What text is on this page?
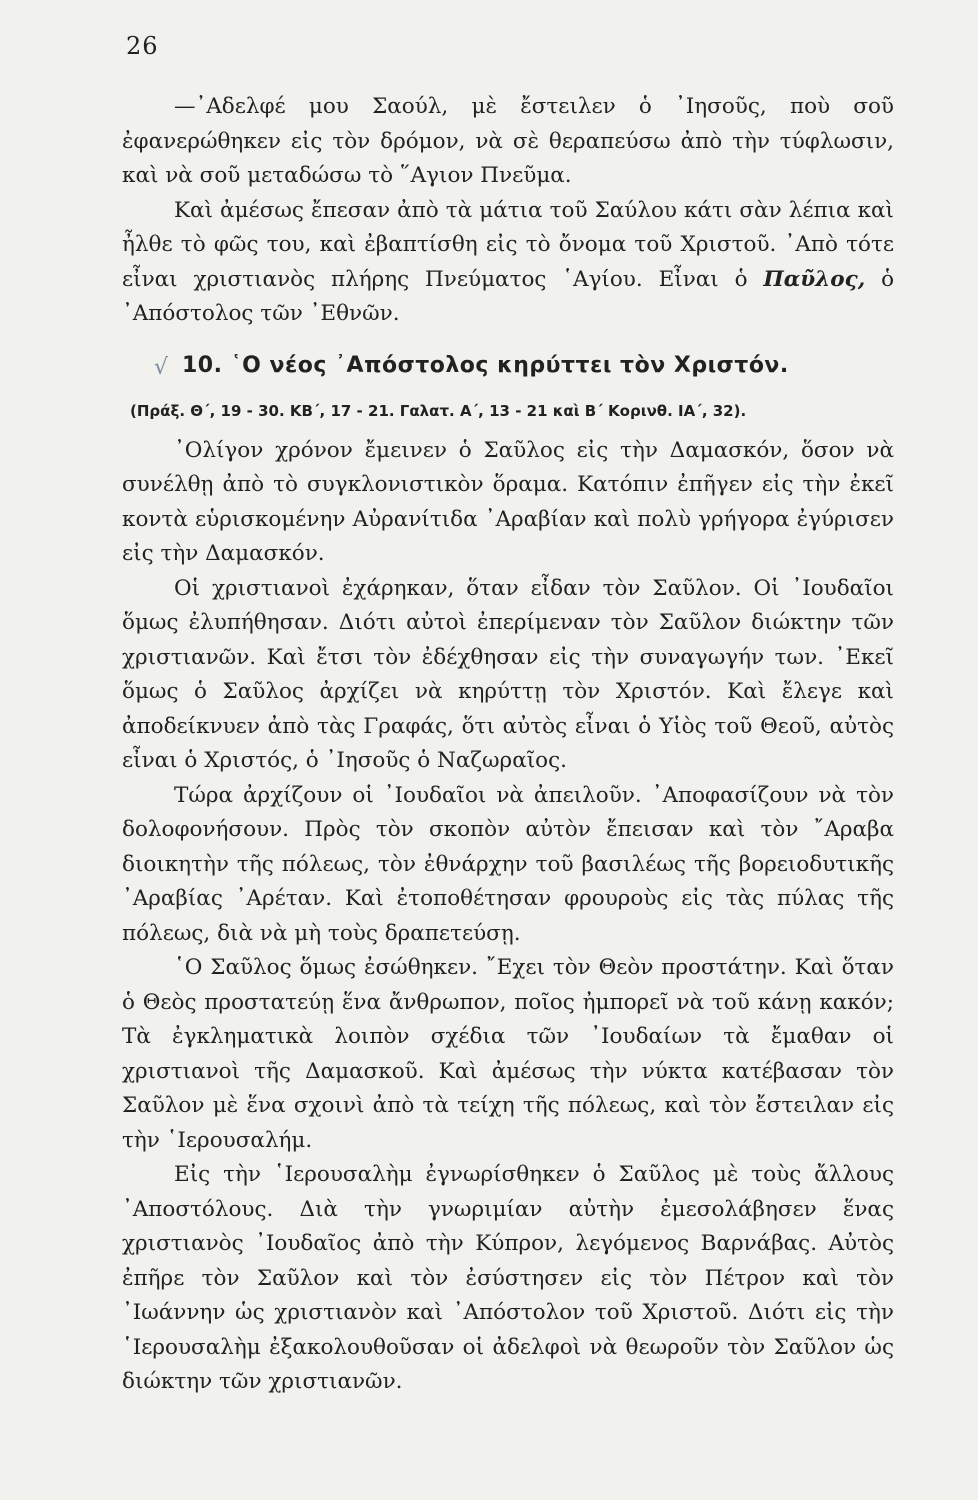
26

—᾿Αδελφέ μου Σαούλ, μὲ ἔστειλεν ὁ ᾿Ιησοῦς, ποὺ σοῦ ἐφανερώθηκεν εἰς τὸν δρόμον, νὰ σὲ θεραπεύσω ἀπὸ τὴν τύφλωσιν, καὶ νὰ σοῦ μεταδώσω τὸ ῞Αγιον Πνεῦμα.

Καὶ ἀμέσως ἔπεσαν ἀπὸ τὰ μάτια τοῦ Σαύλου κάτι σὰν λέπια καὶ ἦλθε τὸ φῶς του, καὶ ἐβαπτίσθη εἰς τὸ ὄνομα τοῦ Χριστοῦ. ᾿Απὸ τότε εἶναι χριστιανὸς πλήρης Πνεύματος ῾Αγίου. Εἶναι ὁ Παῦλος, ὁ ᾿Απόστολος τῶν ᾿Εθνῶν.

√ 10. ῾Ο νέος ᾿Απόστολος κηρύττει τὸν Χριστόν.
(Πράξ. Θ΄, 19 - 30. ΚΒ΄, 17 - 21. Γαλατ. Α΄, 13 - 21 καὶ Β΄ Κορινθ. ΙΑ΄, 32).

᾿Ολίγον χρόνον ἔμεινεν ὁ Σαῦλος εἰς τὴν Δαμασκόν, ὅσον νὰ συνέλθῃ ἀπὸ τὸ συγκλονιστικὸν ὅραμα. Κατόπιν ἐπῆγεν εἰς τὴν ἐκεῖ κοντὰ εὑρισκομένην Αὐρανίτιδα ᾿Αραβίαν καὶ πολὺ γρήγορα ἐγύρισεν εἰς τὴν Δαμασκόν.

Οἱ χριστιανοὶ ἐχάρηκαν, ὅταν εἶδαν τὸν Σαῦλον. Οἱ ᾿Ιουδαῖοι ὅμως ἐλυπήθησαν. Διότι αὐτοὶ ἐπερίμεναν τὸν Σαῦλον διώκτην τῶν χριστιανῶν. Καὶ ἔτσι τὸν ἐδέχθησαν εἰς τὴν συναγωγήν των. ᾿Εκεῖ ὅμως ὁ Σαῦλος ἀρχίζει νὰ κηρύττῃ τὸν Χριστόν. Καὶ ἔλεγε καὶ ἀποδείκνυεν ἀπὸ τὰς Γραφάς, ὅτι αὐτὸς εἶναι ὁ Υἱὸς τοῦ Θεοῦ, αὐτὸς εἶναι ὁ Χριστός, ὁ ᾿Ιησοῦς ὁ Ναζωραῖος.

Τώρα ἀρχίζουν οἱ ᾿Ιουδαῖοι νὰ ἀπειλοῦν. ᾿Αποφασίζουν νὰ τὸν δολοφονήσουν. Πρὸς τὸν σκοπὸν αὐτὸν ἔπεισαν καὶ τὸν ῎Αραβα διοικητὴν τῆς πόλεως, τὸν ἐθνάρχην τοῦ βασιλέως τῆς βορειοδυτικῆς ᾿Αραβίας ᾿Αρέταν. Καὶ ἐτοποθέτησαν φρουροὺς εἰς τὰς πύλας τῆς πόλεως, διὰ νὰ μὴ τοὺς δραπετεύσῃ.

῾Ο Σαῦλος ὅμως ἐσώθηκεν. ῎Εχει τὸν Θεὸν προστάτην. Καὶ ὅταν ὁ Θεὸς προστατεύῃ ἕνα ἄνθρωπον, ποῖος ἠμπορεῖ νὰ τοῦ κάνῃ κακόν; Τὰ ἐγκληματικὰ λοιπὸν σχέδια τῶν ᾿Ιουδαίων τὰ ἔμαθαν οἱ χριστιανοὶ τῆς Δαμασκοῦ. Καὶ ἀμέσως τὴν νύκτα κατέβασαν τὸν Σαῦλον μὲ ἕνα σχοινὶ ἀπὸ τὰ τείχη τῆς πόλεως, καὶ τὸν ἔστειλαν εἰς τὴν ῾Ιερουσαλήμ.

Εἰς τὴν ῾Ιερουσαλὴμ ἐγνωρίσθηκεν ὁ Σαῦλος μὲ τοὺς ἄλλους ᾿Αποστόλους. Διὰ τὴν γνωριμίαν αὐτὴν ἐμεσολάβησεν ἕνας χριστιανὸς ᾿Ιουδαῖος ἀπὸ τὴν Κύπρον, λεγόμενος Βαρνάβας. Αὐτὸς ἐπῆρε τὸν Σαῦλον καὶ τὸν ἐσύστησεν εἰς τὸν Πέτρον καὶ τὸν ᾿Ιωάννην ὡς χριστιανὸν καὶ ᾿Απόστολον τοῦ Χριστοῦ. Διότι εἰς τὴν ῾Ιερουσαλὴμ ἐξακολουθοῦσαν οἱ ἀδελφοὶ νὰ θεωροῦν τὸν Σαῦλον ὡς διώκτην τῶν χριστιανῶν.
